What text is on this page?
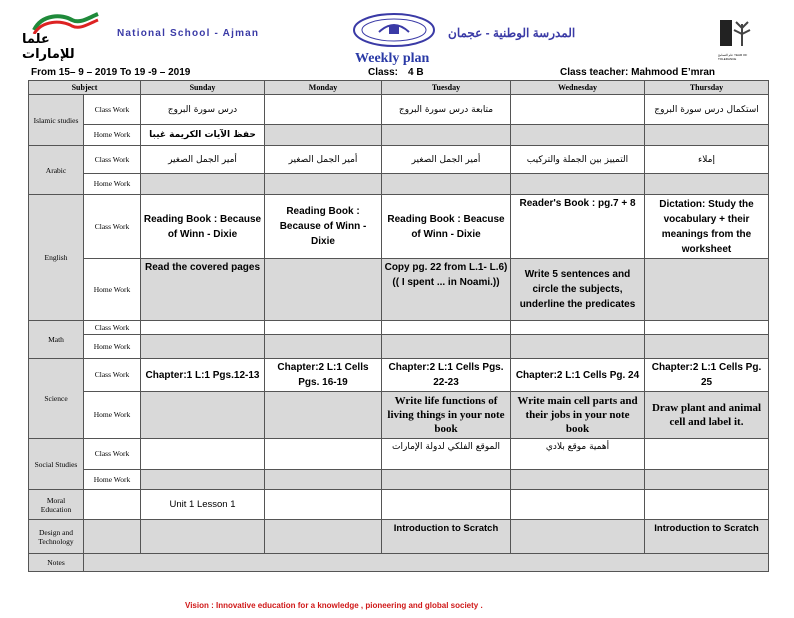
علما للإمارات
National School - Ajman	المدرسة الوطنية - عجمان
عام التسامح YEAR OF TOLERANCE
Weekly plan
From 15– 9 – 2019 To 19 -9 – 2019	Class: 4 B	Class teacher: Mahmood E’mran
Subject		Sunday	Monday	Tuesday	Wednesday	Thursday
Islamic studies	Class Work	درس سورة البروج		متابعة درس سورة البروج		استكمال درس سورة البروج
	Home Work	حفظ الآيات الكريمة غيبا				
Arabic	Class Work	أمير الجمل الصغير	أمير الجمل الصغير	أمير الجمل الصغير	التمييز بين الجملة والتركيب	إملاء
	Home Work					
English	Class Work	Reading Book : Because of Winn - Dixie	Reading Book : Because of Winn - Dixie	Reading Book : Beacuse of Winn - Dixie	Reader's Book : pg.7 + 8	Dictation: Study the vocabulary + their meanings from the worksheet
	Home Work	Read the covered pages		Copy pg. 22 from L.1- L.6) (( I spent ... in Noami.))	Write 5 sentences and circle the subjects, underline the predicates	
Math	Class Work					
	Home Work					
Science	Class Work	Chapter:1 L:1 Pgs.12-13	Chapter:2 L:1 Cells Pgs. 16-19	Chapter:2 L:1 Cells Pgs. 22-23	Chapter:2 L:1 Cells Pg. 24	Chapter:2 L:1 Cells Pg. 25
	Home Work			Write life functions of living things in your note book	Write main cell parts and their jobs in your note book	Draw plant and animal cell and label it.
Social Studies	Class Work			الموقع الفلكي لدولة الإمارات	أهمية موقع بلادي	
	Home Work					
Moral Education		Unit 1 Lesson 1				
Design and Technology				Introduction to Scratch		Introduction to Scratch
Notes						
Vision : Innovative education for a knowledge , pioneering and global society .
